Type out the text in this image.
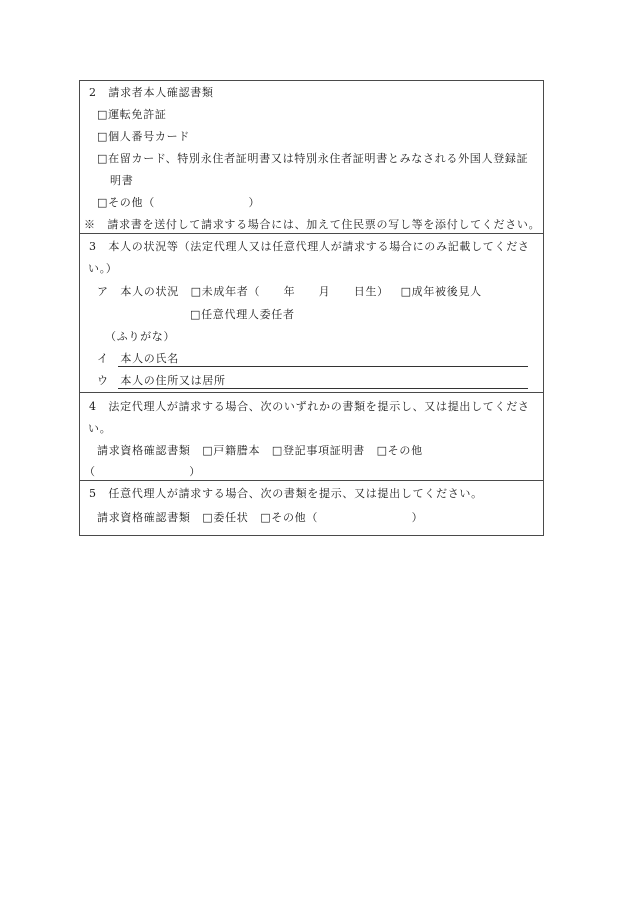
2　請求者本人確認書類
□運転免許証
□個人番号カード
□在留カード、特別永住者証明書又は特別永住者証明書とみなされる外国人登録証
明書
□その他（　　　　　　　　）
※　請求書を送付して請求する場合には、加えて住民票の写し等を添付してください。
3　本人の状況等（法定代理人又は任意代理人が請求する場合にのみ記載してくださ
い。）
ア 本人の状況 □未成年者（　　年　　月　　日生） □成年被後見人
□任意代理人委任者
（ふりがな）
イ 本人の氏名
ウ 本人の住所又は居所
4　法定代理人が請求する場合、次のいずれかの書類を提示し、又は提出してくださ
い。
請求資格確認書類 □戸籍謄本 □登記事項証明書 □その他
（　　　　　　　　）
5　任意代理人が請求する場合、次の書類を提示、又は提出してください。
請求資格確認書類 □委任状 □その他（　　　　　　　　）
